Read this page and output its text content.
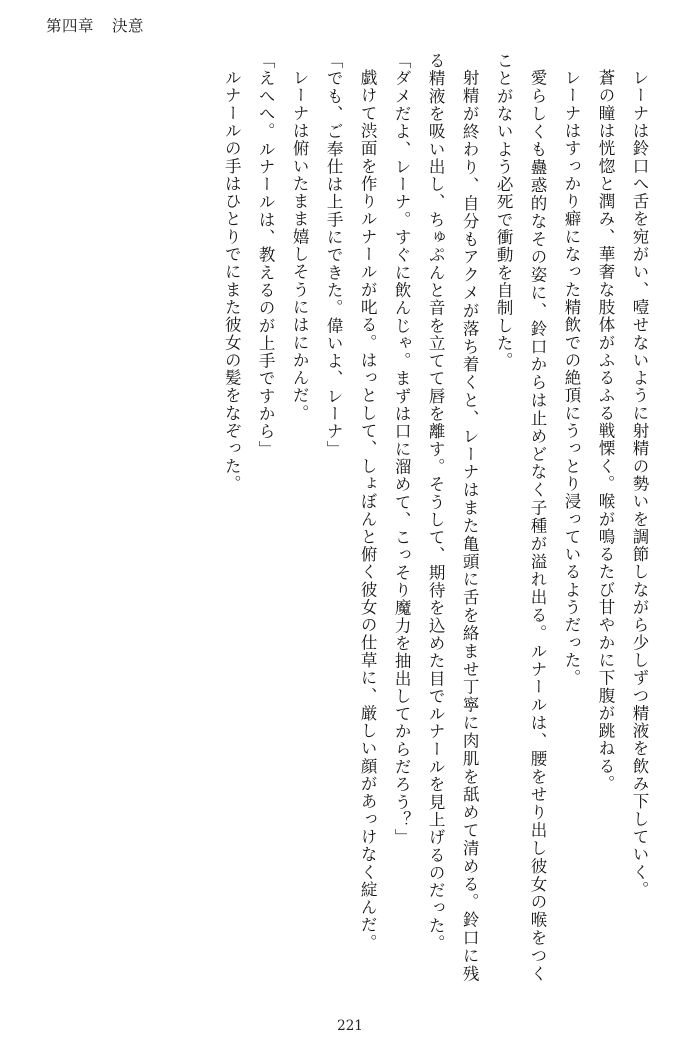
第四章 決意

レーナは鈴口へ舌を宛がい、噎せないように射精の勢いを調節しながら少しずつ精液を飲み下していく。

蒼の瞳は恍惚と潤み、華奢な肢体がふるふる戦慄く。喉が鳴るたび甘やかに下腹が跳ねる。

レーナはすっかり癖になった精飲での絶頂にうっとり浸っているようだった。

愛らしくも蠱惑的なその姿に、鈴口からは止めどなく子種が溢れ出る。ルナールは、腰をせり出し彼女の喉をつくことがないよう必死で衝動を自制した。

射精が終わり、自分もアクメが落ち着くと、レーナはまた亀頭に舌を絡ませ丁寧に肉肌を舐めて清める。鈴口に残る精液を吸い出し、ちゅぷんと音を立てて唇を離す。そうして、期待を込めた目でルナールを見上げるのだった。

「ダメだよ、レーナ。すぐに飲んじゃ。まずは口に溜めて、こっそり魔力を抽出してからだろう？」

戯けて渋面を作りルナールが叱る。はっとして、しょぼんと俯く彼女の仕草に、厳しい顔があっけなく綻んだ。

「でも、ご奉仕は上手にできた。偉いよ、レーナ」

レーナは俯いたまま嬉しそうにはにかんだ。

「えへへ。ルナールは、教えるのが上手ですから」

ルナールの手はひとりでにまた彼女の髪をなぞった。

221
